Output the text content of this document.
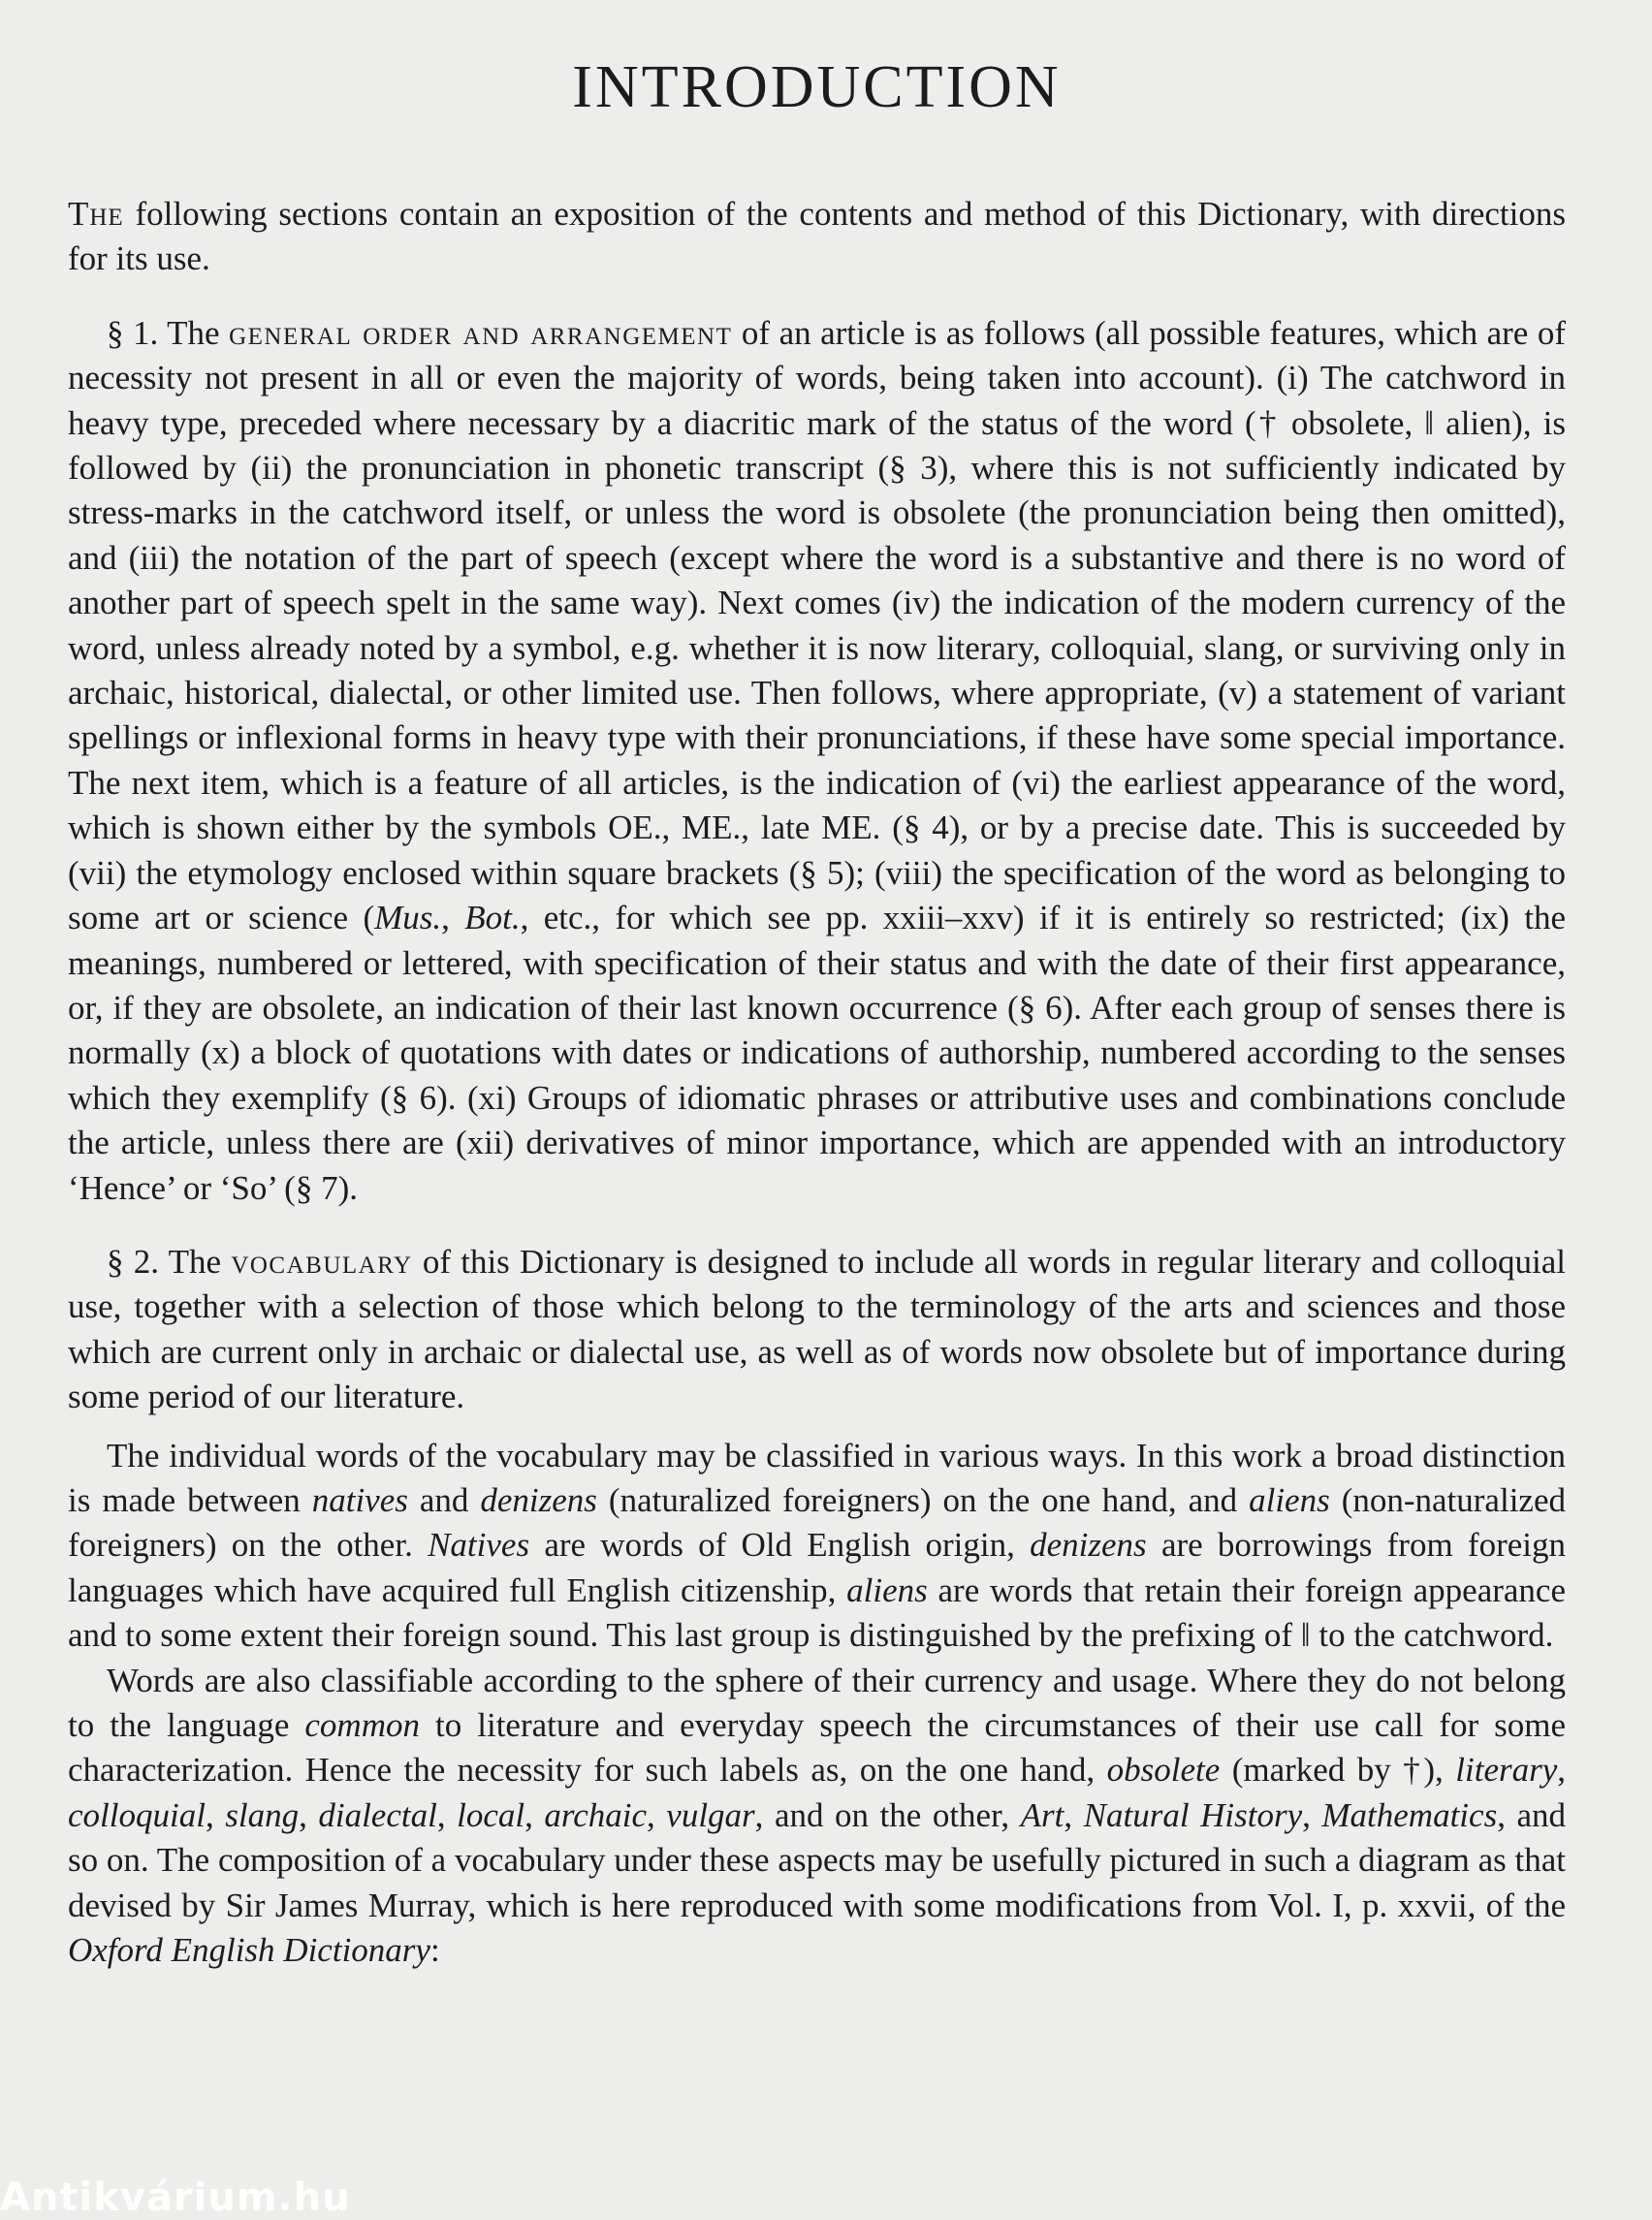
INTRODUCTION

The following sections contain an exposition of the contents and method of this Dictionary, with directions for its use.

§ 1. The general order and arrangement of an article is as follows (all possible features, which are of necessity not present in all or even the majority of words, being taken into account). (i) The catchword in heavy type, preceded where necessary by a diacritic mark of the status of the word († obsolete, ‖ alien), is followed by (ii) the pronunciation in phonetic transcript (§ 3), where this is not sufficiently indicated by stress-marks in the catchword itself, or unless the word is obsolete (the pronunciation being then omitted), and (iii) the notation of the part of speech (except where the word is a substantive and there is no word of another part of speech spelt in the same way). Next comes (iv) the indication of the modern currency of the word, unless already noted by a symbol, e.g. whether it is now literary, colloquial, slang, or surviving only in archaic, historical, dialectal, or other limited use. Then follows, where appropriate, (v) a statement of variant spellings or inflexional forms in heavy type with their pronunciations, if these have some special importance. The next item, which is a feature of all articles, is the indication of (vi) the earliest appearance of the word, which is shown either by the symbols OE., ME., late ME. (§ 4), or by a precise date. This is succeeded by (vii) the etymology enclosed within square brackets (§ 5); (viii) the specification of the word as belonging to some art or science (Mus., Bot., etc., for which see pp. xxiii–xxv) if it is entirely so restricted; (ix) the meanings, numbered or lettered, with specification of their status and with the date of their first appearance, or, if they are obsolete, an indication of their last known occurrence (§ 6). After each group of senses there is normally (x) a block of quotations with dates or indications of authorship, numbered according to the senses which they exemplify (§ 6). (xi) Groups of idiomatic phrases or attributive uses and combinations conclude the article, unless there are (xii) derivatives of minor importance, which are appended with an introductory ‘Hence’ or ‘So’ (§ 7).

§ 2. The vocabulary of this Dictionary is designed to include all words in regular literary and colloquial use, together with a selection of those which belong to the terminology of the arts and sciences and those which are current only in archaic or dialectal use, as well as of words now obsolete but of importance during some period of our literature.

The individual words of the vocabulary may be classified in various ways. In this work a broad distinction is made between natives and denizens (naturalized foreigners) on the one hand, and aliens (non-naturalized foreigners) on the other. Natives are words of Old English origin, denizens are borrowings from foreign languages which have acquired full English citizenship, aliens are words that retain their foreign appearance and to some extent their foreign sound. This last group is distinguished by the prefixing of ‖ to the catchword.

Words are also classifiable according to the sphere of their currency and usage. Where they do not belong to the language common to literature and everyday speech the circumstances of their use call for some characterization. Hence the necessity for such labels as, on the one hand, obsolete (marked by †), literary, colloquial, slang, dialectal, local, archaic, vulgar, and on the other, Art, Natural History, Mathematics, and so on. The composition of a vocabulary under these aspects may be usefully pictured in such a diagram as that devised by Sir James Murray, which is here reproduced with some modifications from Vol. I, p. xxvii, of the Oxford English Dictionary:

Antikvárium.hu
